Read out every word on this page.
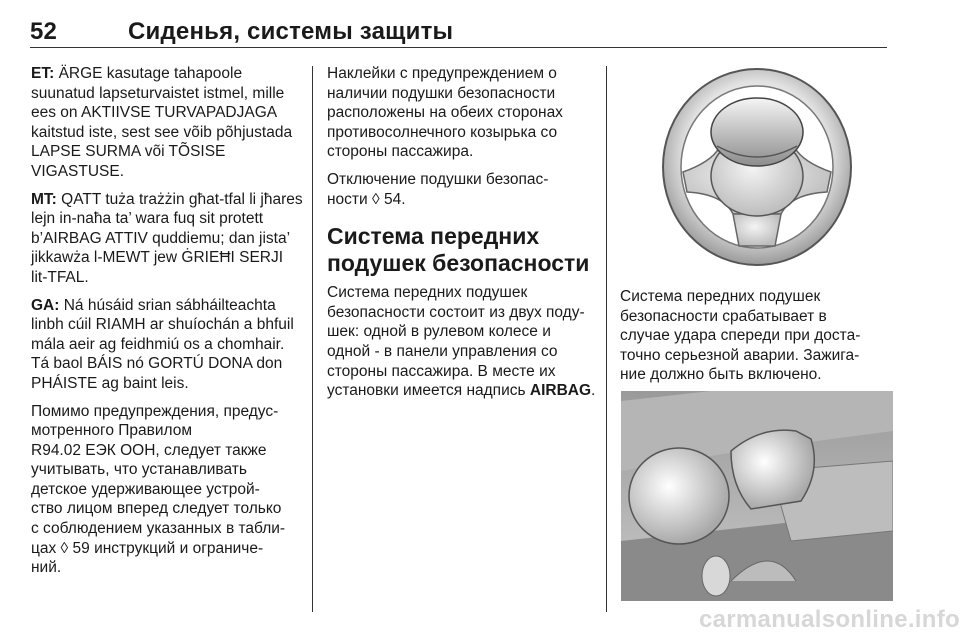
52	Сиденья, системы защиты

ET: ÄRGE kasutage tahapoole suunatud lapseturvaistet istmel, mille ees on AKTIIVSE TURVAPADJAGA kaitstud iste, sest see võib põhjustada LAPSE SURMA või TÕSISE VIGASTUSE.

MT: QATT tuża trażżin għat-tfal li jħares lejn in-naħa ta’ wara fuq sit protett b’AIRBAG ATTIV quddiemu; dan jista’ jikkawża l-MEWT jew ĠRIEĦI SERJI lit-TFAL.

GA: Ná húsáid srian sábháilteachta linbh cúil RIAMH ar shuíochán a bhfuil mála aeir ag feidhmiú os a chomhair. Tá baol BÁIS nó GORTÚ DONA don PHÁISTE ag baint leis.

Помимо предупреждения, предус-
мотренного Правилом
R94.02 ЕЭК ООН, следует также
учитывать, что устанавливать
детское удерживающее устрой-
ство лицом вперед следует только
с соблюдением указанных в табли-
цах ◊ 59 инструкций и ограниче-
ний.

Наклейки с предупреждением о
наличии подушки безопасности
расположены на обеих сторонах
противосолнечного козырька со
стороны пассажира.

Отключение подушки безопас-
ности ◊ 54.

Система передних
подушек безопасности

Система передних подушек
безопасности состоит из двух поду-
шек: одной в рулевом колесе и
одной - в панели управления со
стороны пассажира. В месте их
установки имеется надпись AIRBAG.

Система передних подушек
безопасности срабатывает в
случае удара спереди при доста-
точно серьезной аварии. Зажига-
ние должно быть включено.

carmanualsonline.info
